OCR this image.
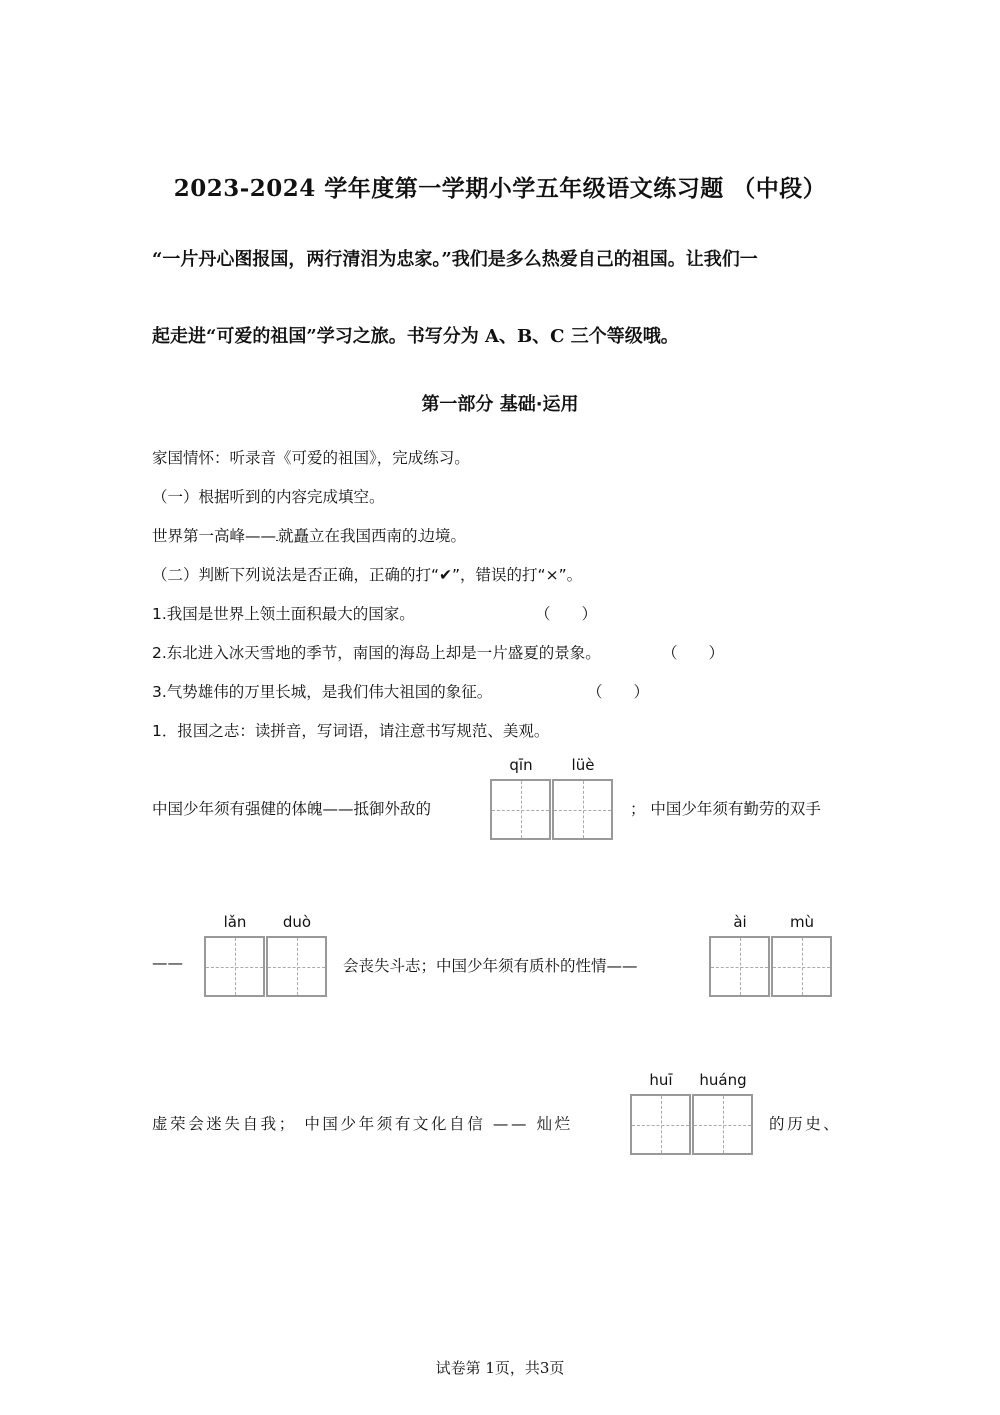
2023-2024 学年度第一学期小学五年级语文练习题 （中段）
“一片丹心图报国，两行清泪为忠家。”我们是多么热爱自己的祖国。让我们一
起走进“可爱的祖国”学习之旅。书写分为 A、B、C 三个等级哦。
第一部分 基础·运用
家国情怀：听录音《可爱的祖国》，完成练习。
（一）根据听到的内容完成填空。
世界第一高峰—— 就矗立在我国西南的 边境。
（二）判断下列说法是否正确，正确的打“✔”，错误的打“×”。
1.我国是世界上领土面积最大的国家。	（　　）
2.东北进入冰天雪地的季节，南国的海岛上却是一片盛夏的景象。	（　　）
3.气势雄伟的万里长城，是我们伟大祖国的象征。	（　　）
1．报国之志：读拼音，写词语，请注意书写规范、美观。
中国少年须有强健的体魄——抵御外敌的
qīn	lüè
； 中国少年须有勤劳的双手
——
lǎn	duò
会丧失斗志；中国少年须有质朴的性情——
ài	mù
虚荣会迷失自我； 中国少年须有文化自信 —— 灿烂
huī	huáng
的历史、
试卷第 1页，共3页
